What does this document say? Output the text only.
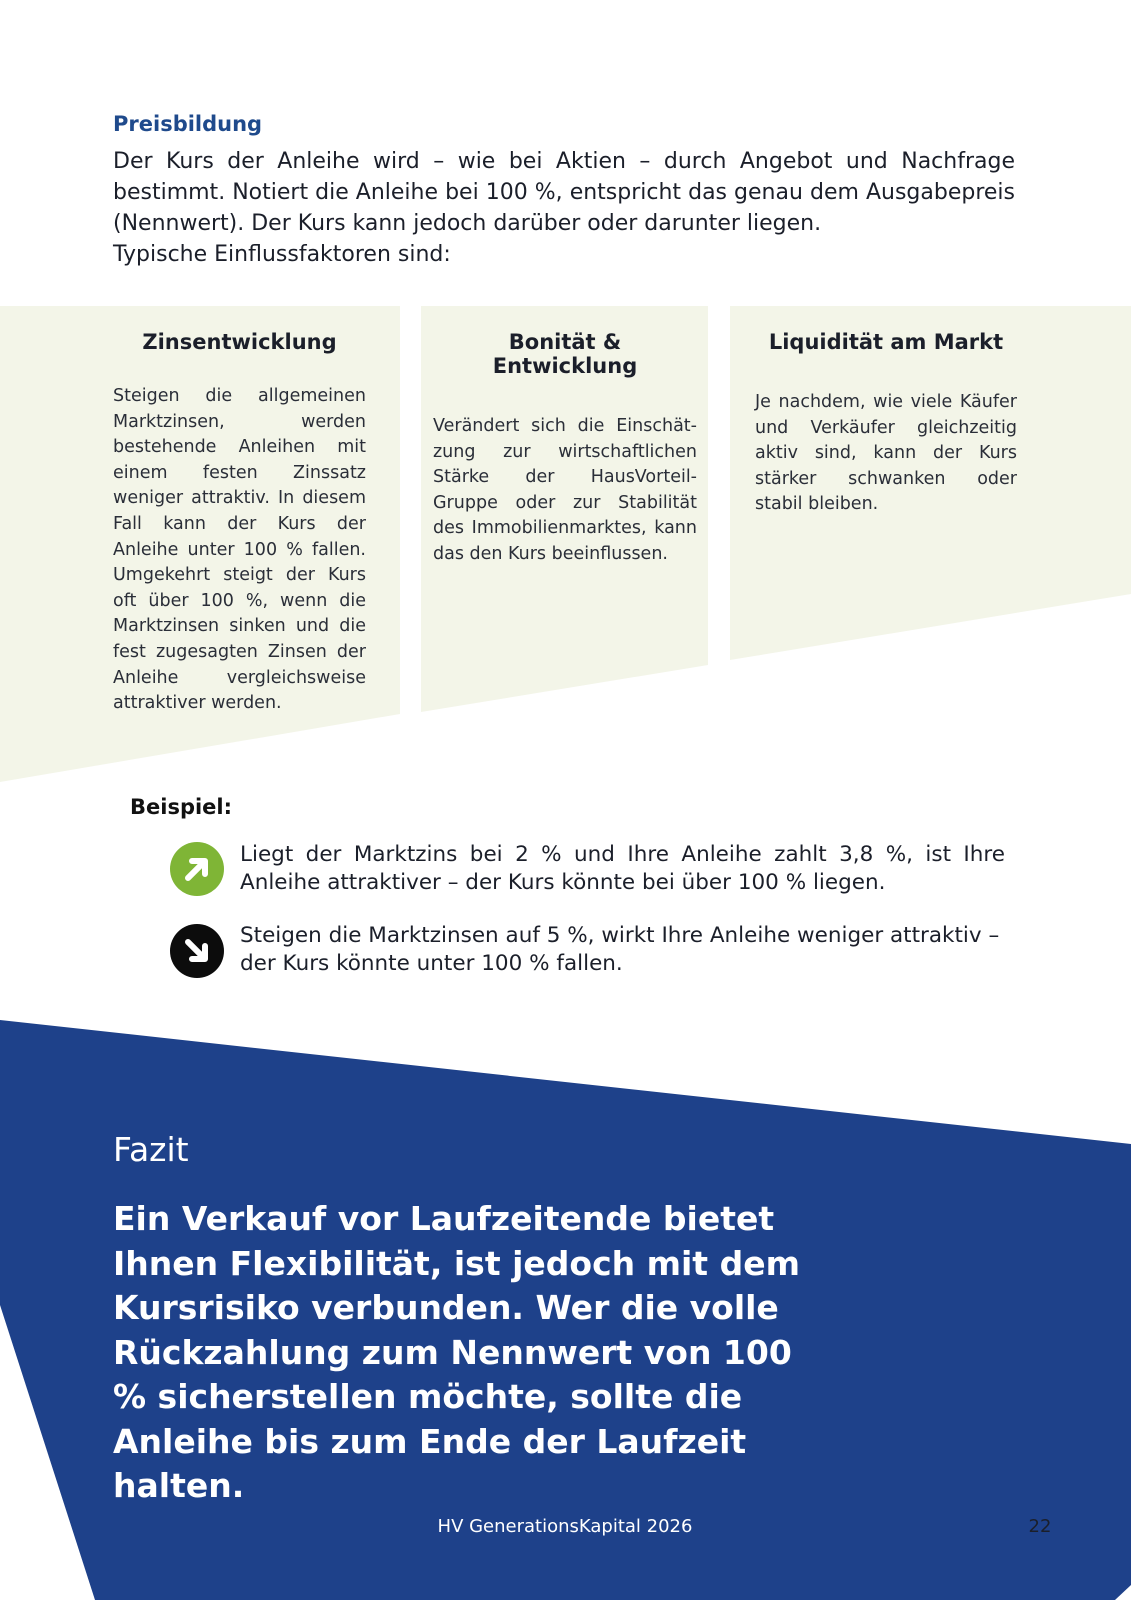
Preisbildung

Der Kurs der Anleihe wird – wie bei Aktien – durch Angebot und Nachfrage bestimmt. Notiert die Anleihe bei 100 %, entspricht das genau dem Ausgabepreis (Nennwert). Der Kurs kann jedoch darüber oder darunter liegen.

Typische Einflussfaktoren sind:

Zinsentwicklung

Steigen die allgemeinen Marktzinsen, werden bestehende Anleihen mit einem festen Zinssatz weniger attraktiv. In diesem Fall kann der Kurs der Anleihe unter 100 % fallen. Umgekehrt steigt der Kurs oft über 100 %, wenn die Marktzinsen sinken und die fest zugesagten Zinsen der Anleihe vergleichsweise attraktiver werden.

Bonität & Entwicklung

Verändert sich die Einschätzung zur wirtschaftlichen Stärke der HausVorteil-Gruppe oder zur Stabilität des Immobilienmarktes, kann das den Kurs beeinflussen.

Liquidität am Markt

Je nachdem, wie viele Käufer und Verkäufer gleichzeitig aktiv sind, kann der Kurs stärker schwanken oder stabil bleiben.

Beispiel:

Liegt der Marktzins bei 2 % und Ihre Anleihe zahlt 3,8 %, ist Ihre Anleihe attraktiver – der Kurs könnte bei über 100 % liegen.

Steigen die Marktzinsen auf 5 %, wirkt Ihre Anleihe weniger attraktiv – der Kurs könnte unter 100 % fallen.

Fazit

Ein Verkauf vor Laufzeitende bietet Ihnen Flexibilität, ist jedoch mit dem Kursrisiko verbunden. Wer die volle Rückzahlung zum Nennwert von 100 % sicherstellen möchte, sollte die Anleihe bis zum Ende der Laufzeit halten.

HV GenerationsKapital 2026	22
